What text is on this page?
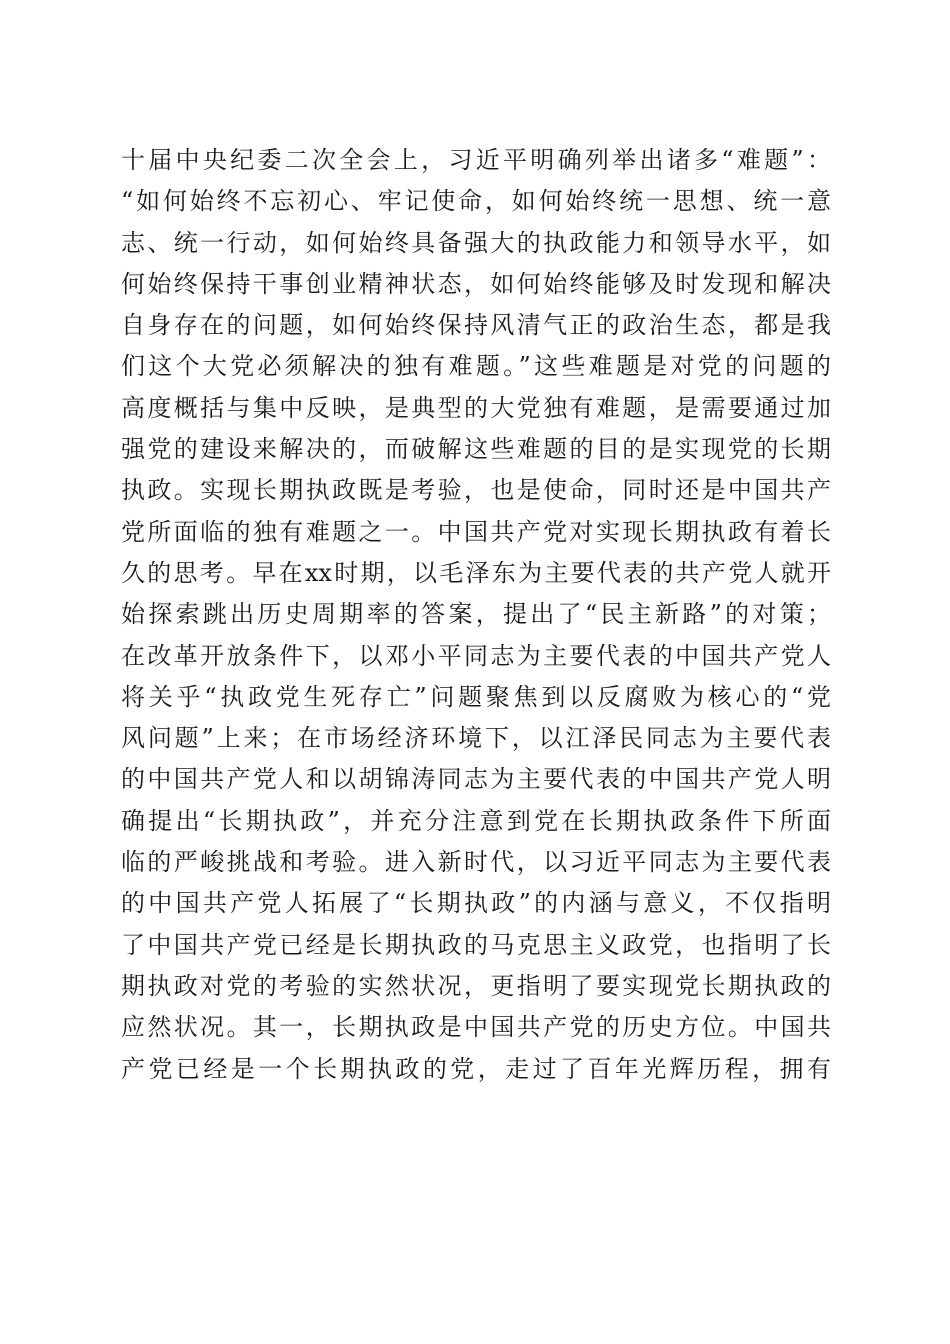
十届中央纪委二次全会上，习近平明确列举出诸多“难题”：
“如何始终不忘初心、牢记使命，如何始终统一思想、统一意
志、统一行动，如何始终具备强大的执政能力和领导水平，如
何始终保持干事创业精神状态，如何始终能够及时发现和解决
自身存在的问题，如何始终保持风清气正的政治生态，都是我
们这个大党必须解决的独有难题。”这些难题是对党的问题的
高度概括与集中反映，是典型的大党独有难题，是需要通过加
强党的建设来解决的，而破解这些难题的目的是实现党的长期
执政。实现长期执政既是考验，也是使命，同时还是中国共产
党所面临的独有难题之一。中国共产党对实现长期执政有着长
久的思考。早在xx时期，以毛泽东为主要代表的共产党人就开
始探索跳出历史周期率的答案，提出了“民主新路”的对策；
在改革开放条件下，以邓小平同志为主要代表的中国共产党人
将关乎“执政党生死存亡”问题聚焦到以反腐败为核心的“党
风问题”上来；在市场经济环境下，以江泽民同志为主要代表
的中国共产党人和以胡锦涛同志为主要代表的中国共产党人明
确提出“长期执政”，并充分注意到党在长期执政条件下所面
临的严峻挑战和考验。进入新时代，以习近平同志为主要代表
的中国共产党人拓展了“长期执政”的内涵与意义，不仅指明
了中国共产党已经是长期执政的马克思主义政党，也指明了长
期执政对党的考验的实然状况，更指明了要实现党长期执政的
应然状况。其一，长期执政是中国共产党的历史方位。中国共
产党已经是一个长期执政的党，走过了百年光辉历程，拥有
